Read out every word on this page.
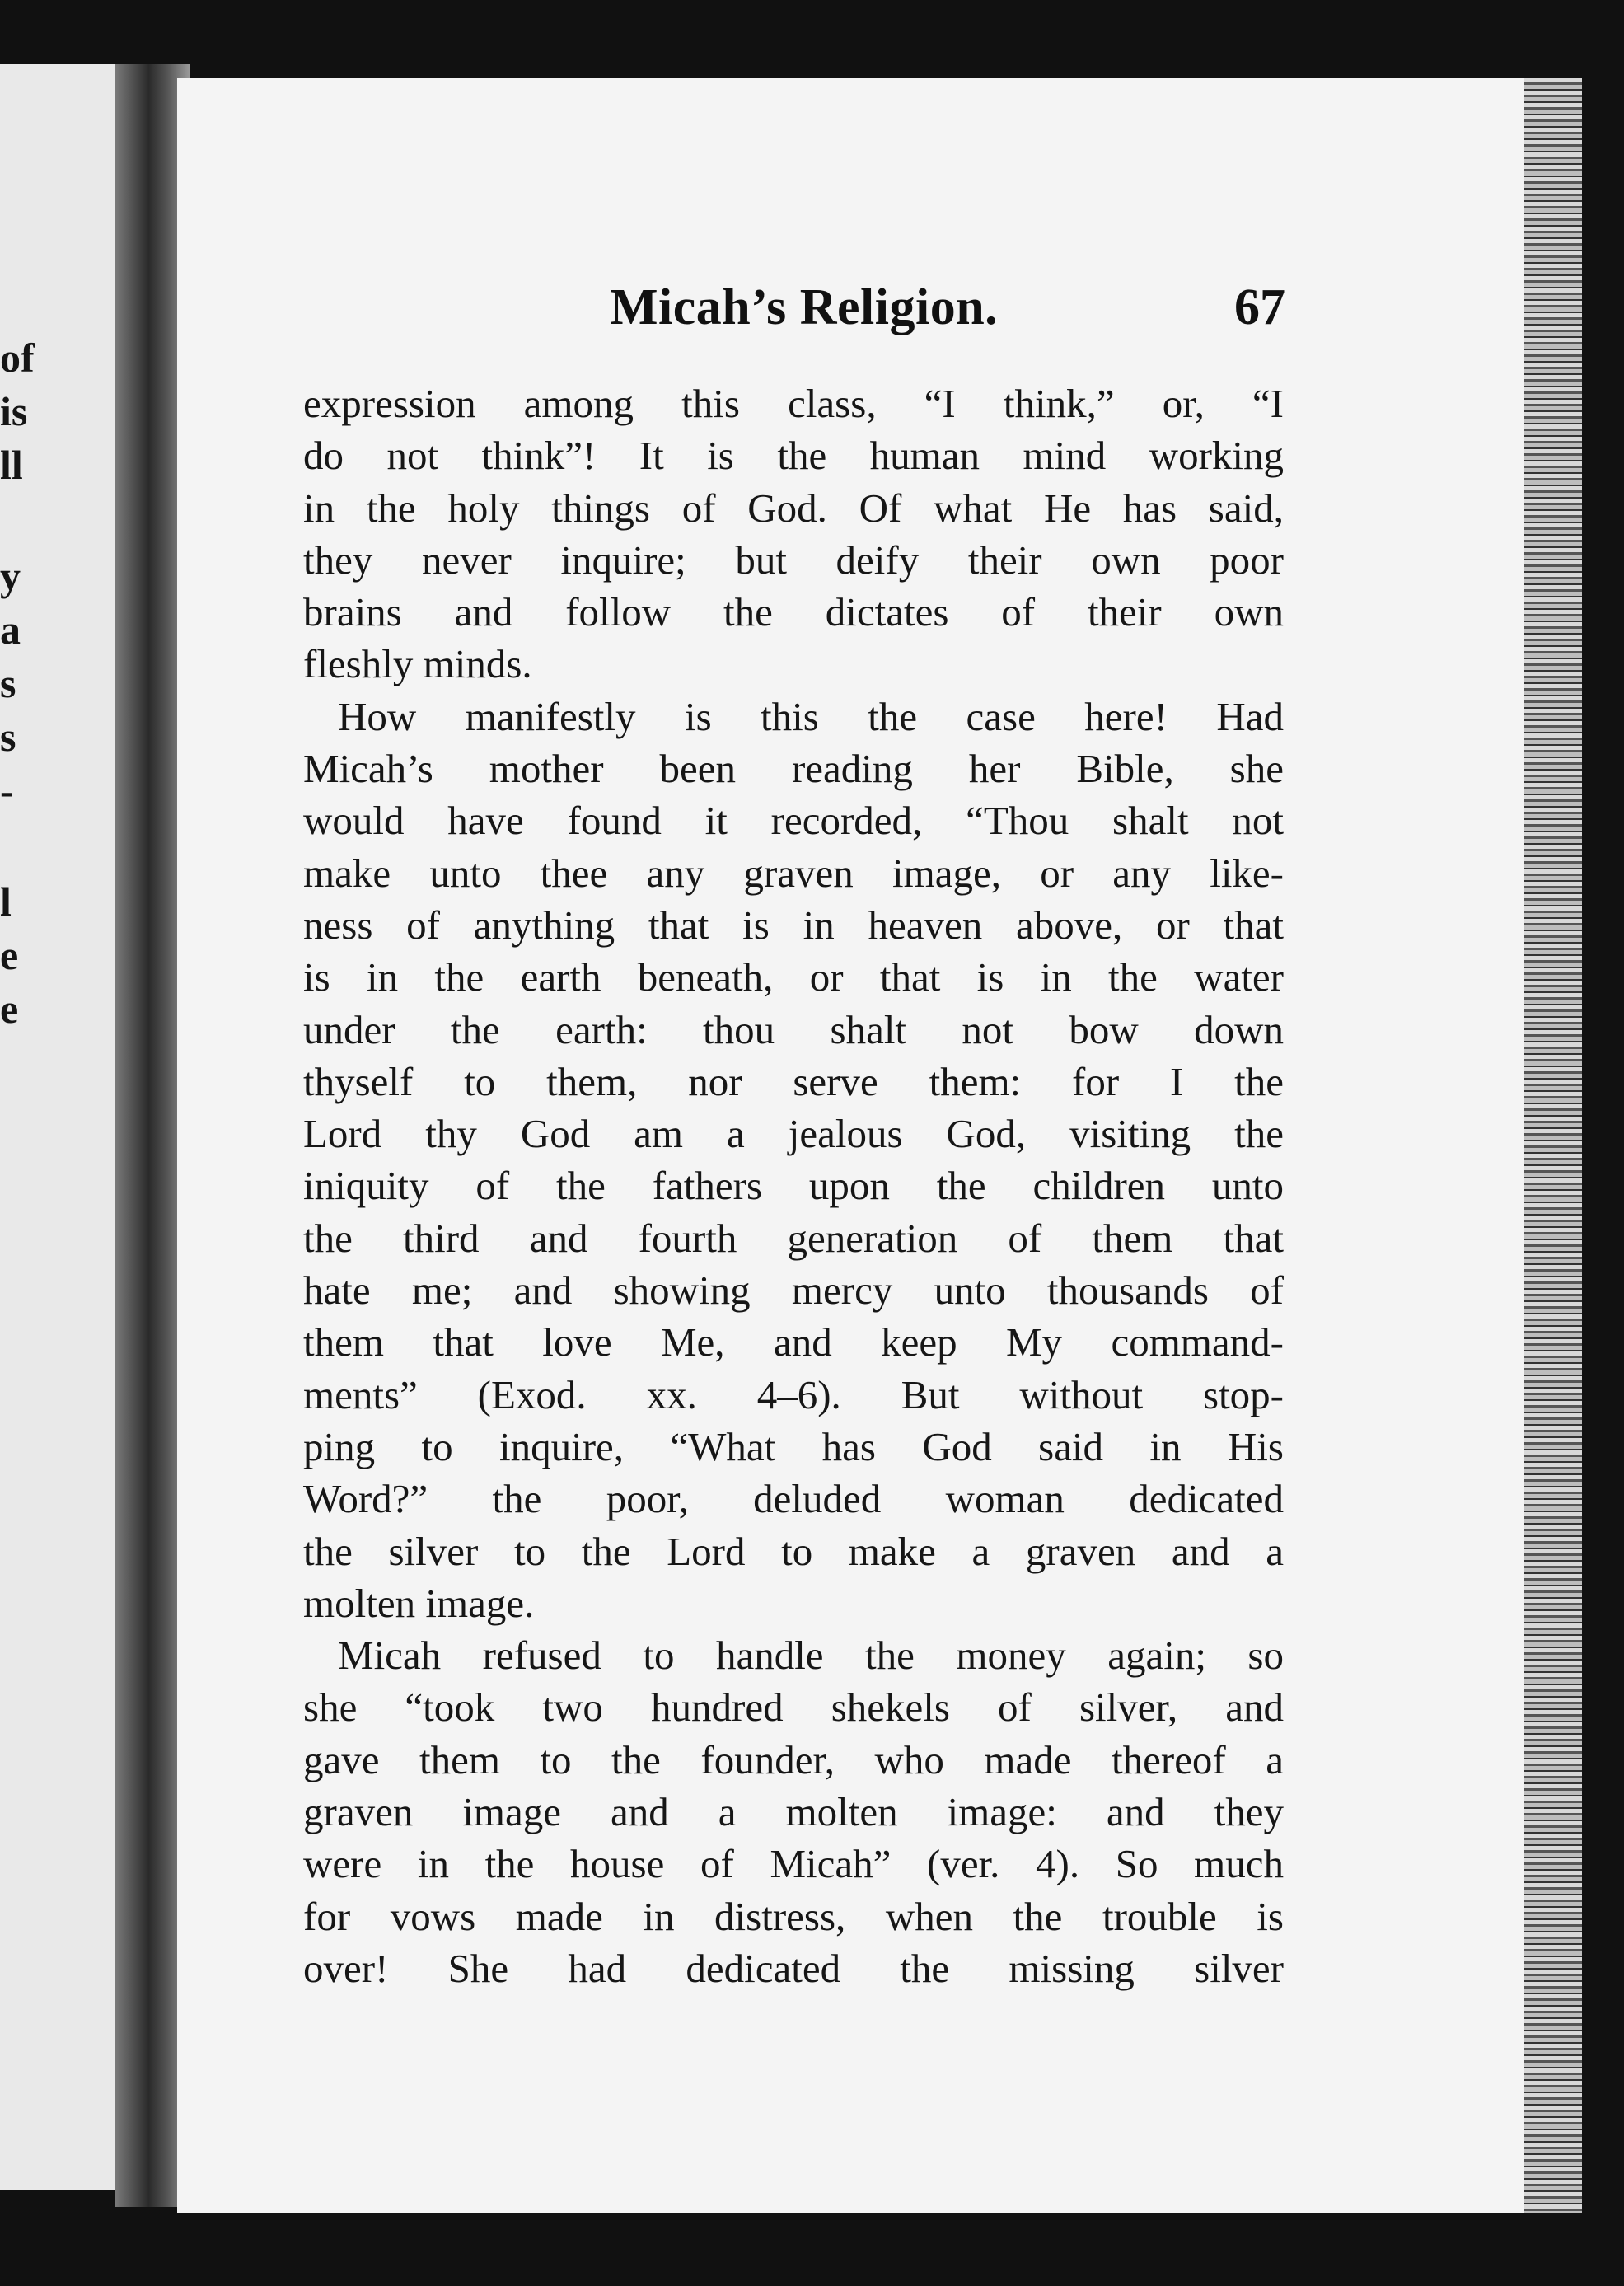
of
is
ll
y
a
s
s
-
l
e
e
Micah’s Religion.	67
expression among this class, “I think,” or, “I
do not think”! It is the human mind working
in the holy things of God. Of what He has said,
they never inquire; but deify their own poor
brains and follow the dictates of their own
fleshly minds.
How manifestly is this the case here! Had
Micah’s mother been reading her Bible, she
would have found it recorded, “Thou shalt not
make unto thee any graven image, or any like-
ness of anything that is in heaven above, or that
is in the earth beneath, or that is in the water
under the earth: thou shalt not bow down
thyself to them, nor serve them: for I the
Lord thy God am a jealous God, visiting the
iniquity of the fathers upon the children unto
the third and fourth generation of them that
hate me; and showing mercy unto thousands of
them that love Me, and keep My command-
ments” (Exod. xx. 4–6). But without stop-
ping to inquire, “What has God said in His
Word?” the poor, deluded woman dedicated
the silver to the Lord to make a graven and a
molten image.
Micah refused to handle the money again; so
she “took two hundred shekels of silver, and
gave them to the founder, who made thereof a
graven image and a molten image: and they
were in the house of Micah” (ver. 4). So much
for vows made in distress, when the trouble is
over! She had dedicated the missing silver
